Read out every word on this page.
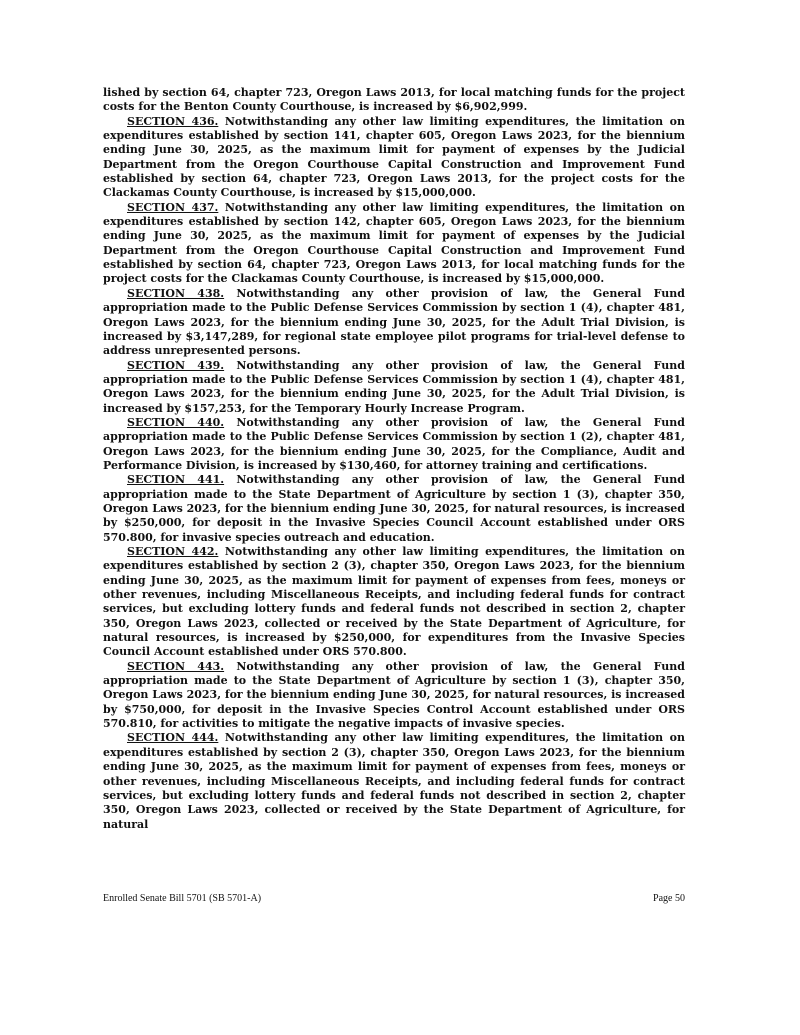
lished by section 64, chapter 723, Oregon Laws 2013, for local matching funds for the project costs for the Benton County Courthouse, is increased by $6,902,999.

SECTION 436. Notwithstanding any other law limiting expenditures, the limitation on expenditures established by section 141, chapter 605, Oregon Laws 2023, for the biennium ending June 30, 2025, as the maximum limit for payment of expenses by the Judicial Department from the Oregon Courthouse Capital Construction and Improvement Fund established by section 64, chapter 723, Oregon Laws 2013, for the project costs for the Clackamas County Courthouse, is increased by $15,000,000.

SECTION 437. Notwithstanding any other law limiting expenditures, the limitation on expenditures established by section 142, chapter 605, Oregon Laws 2023, for the biennium ending June 30, 2025, as the maximum limit for payment of expenses by the Judicial Department from the Oregon Courthouse Capital Construction and Improvement Fund established by section 64, chapter 723, Oregon Laws 2013, for local matching funds for the project costs for the Clackamas County Courthouse, is increased by $15,000,000.

SECTION 438. Notwithstanding any other provision of law, the General Fund appropriation made to the Public Defense Services Commission by section 1 (4), chapter 481, Oregon Laws 2023, for the biennium ending June 30, 2025, for the Adult Trial Division, is increased by $3,147,289, for regional state employee pilot programs for trial-level defense to address unrepresented persons.

SECTION 439. Notwithstanding any other provision of law, the General Fund appropriation made to the Public Defense Services Commission by section 1 (4), chapter 481, Oregon Laws 2023, for the biennium ending June 30, 2025, for the Adult Trial Division, is increased by $157,253, for the Temporary Hourly Increase Program.

SECTION 440. Notwithstanding any other provision of law, the General Fund appropriation made to the Public Defense Services Commission by section 1 (2), chapter 481, Oregon Laws 2023, for the biennium ending June 30, 2025, for the Compliance, Audit and Performance Division, is increased by $130,460, for attorney training and certifications.

SECTION 441. Notwithstanding any other provision of law, the General Fund appropriation made to the State Department of Agriculture by section 1 (3), chapter 350, Oregon Laws 2023, for the biennium ending June 30, 2025, for natural resources, is increased by $250,000, for deposit in the Invasive Species Council Account established under ORS 570.800, for invasive species outreach and education.

SECTION 442. Notwithstanding any other law limiting expenditures, the limitation on expenditures established by section 2 (3), chapter 350, Oregon Laws 2023, for the biennium ending June 30, 2025, as the maximum limit for payment of expenses from fees, moneys or other revenues, including Miscellaneous Receipts, and including federal funds for contract services, but excluding lottery funds and federal funds not described in section 2, chapter 350, Oregon Laws 2023, collected or received by the State Department of Agriculture, for natural resources, is increased by $250,000, for expenditures from the Invasive Species Council Account established under ORS 570.800.

SECTION 443. Notwithstanding any other provision of law, the General Fund appropriation made to the State Department of Agriculture by section 1 (3), chapter 350, Oregon Laws 2023, for the biennium ending June 30, 2025, for natural resources, is increased by $750,000, for deposit in the Invasive Species Control Account established under ORS 570.810, for activities to mitigate the negative impacts of invasive species.

SECTION 444. Notwithstanding any other law limiting expenditures, the limitation on expenditures established by section 2 (3), chapter 350, Oregon Laws 2023, for the biennium ending June 30, 2025, as the maximum limit for payment of expenses from fees, moneys or other revenues, including Miscellaneous Receipts, and including federal funds for contract services, but excluding lottery funds and federal funds not described in section 2, chapter 350, Oregon Laws 2023, collected or received by the State Department of Agriculture, for natural

Enrolled Senate Bill 5701 (SB 5701-A)	Page 50
